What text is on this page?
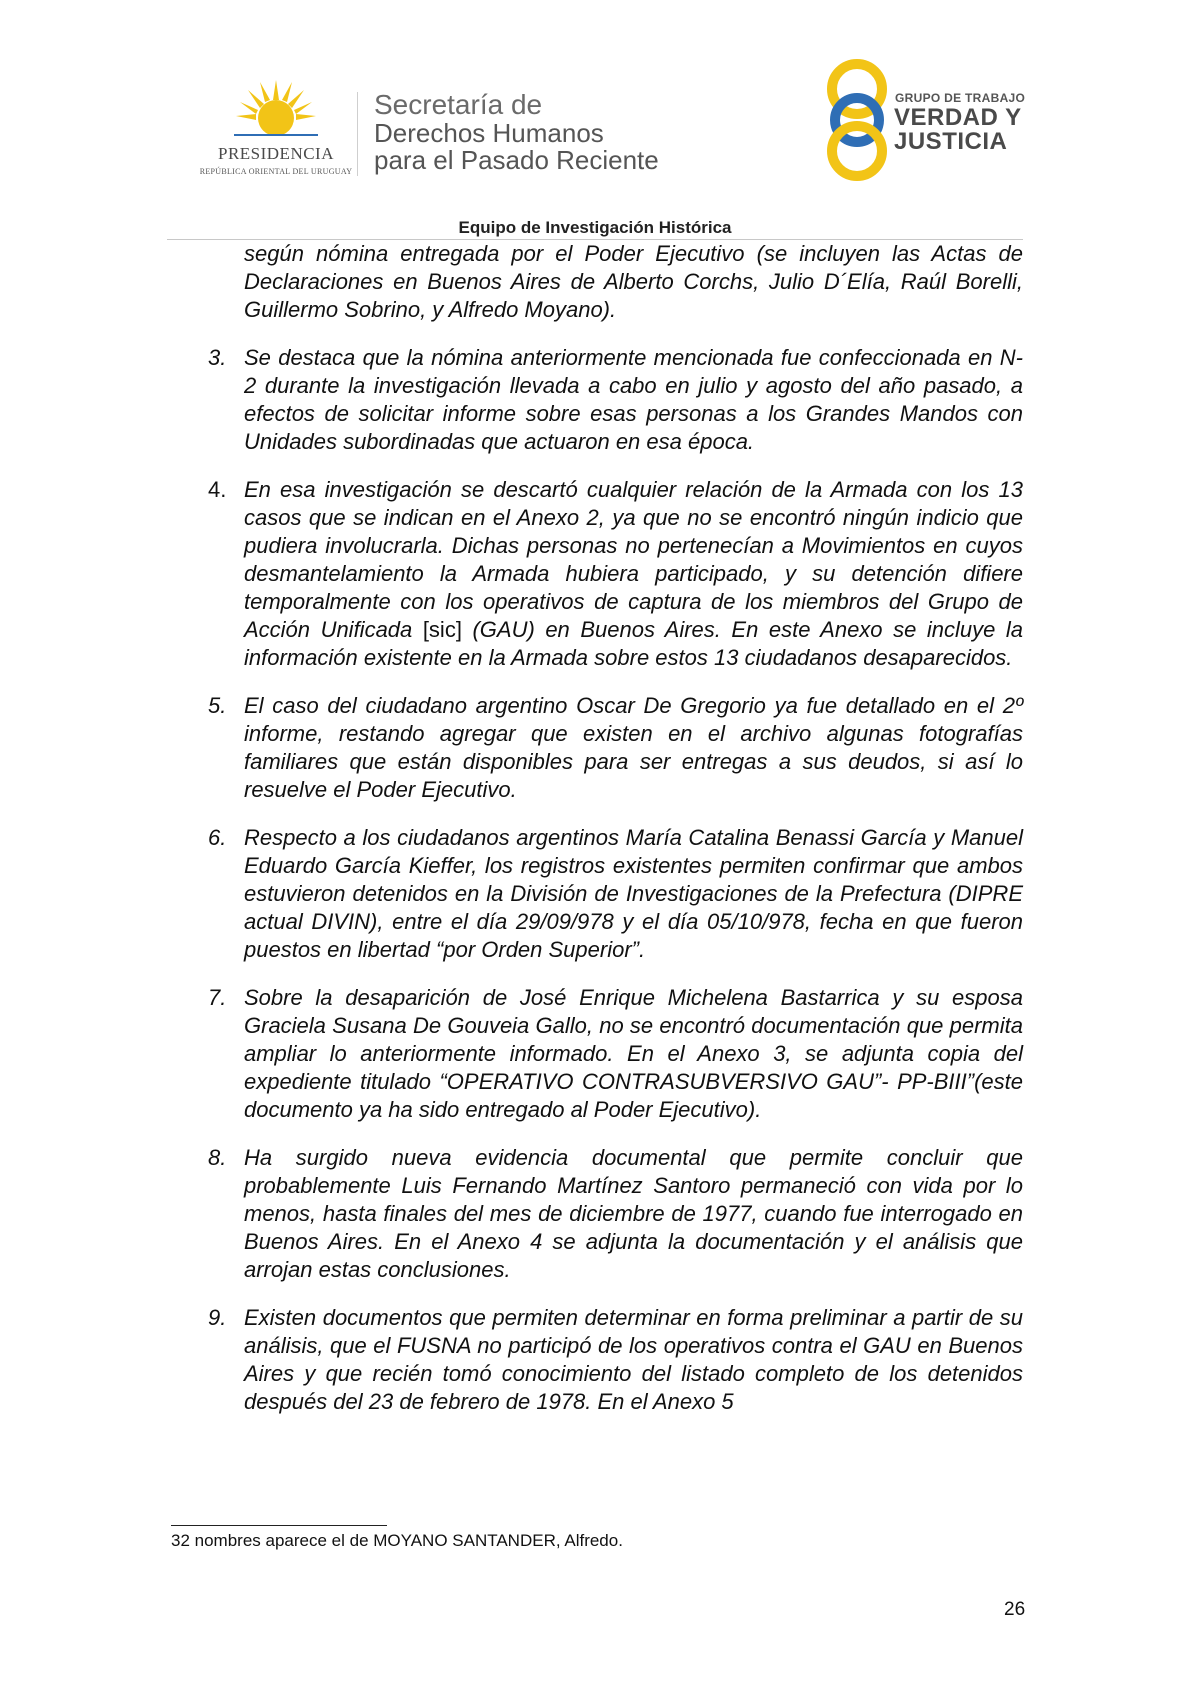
PRESIDENCIA
REPÚBLICA ORIENTAL DEL URUGUAY
Secretaría de
Derechos Humanos
para el Pasado Reciente
GRUPO DE TRABAJO
VERDAD Y
JUSTICIA
Equipo de Investigación Histórica
según nómina entregada por el Poder Ejecutivo (se incluyen las Actas de Declaraciones en Buenos Aires de Alberto Corchs, Julio D´Elía, Raúl Borelli, Guillermo Sobrino, y Alfredo Moyano).
3. Se destaca que la nómina anteriormente mencionada fue confeccionada en N-2 durante la investigación llevada a cabo en julio y agosto del año pasado, a efectos de solicitar informe sobre esas personas a los Grandes Mandos con Unidades subordinadas que actuaron en esa época.
4. En esa investigación se descartó cualquier relación de la Armada con los 13 casos que se indican en el Anexo 2, ya que no se encontró ningún indicio que pudiera involucrarla. Dichas personas no pertenecían a Movimientos en cuyos desmantelamiento la Armada hubiera participado, y su detención difiere temporalmente con los operativos de captura de los miembros del Grupo de Acción Unificada [sic] (GAU) en Buenos Aires. En este Anexo se incluye la información existente en la Armada sobre estos 13 ciudadanos desaparecidos.
5. El caso del ciudadano argentino Oscar De Gregorio ya fue detallado en el 2º informe, restando agregar que existen en el archivo algunas fotografías familiares que están disponibles para ser entregas a sus deudos, si así lo resuelve el Poder Ejecutivo.
6. Respecto a los ciudadanos argentinos María Catalina Benassi García y Manuel Eduardo García Kieffer, los registros existentes permiten confirmar que ambos estuvieron detenidos en la División de Investigaciones de la Prefectura (DIPRE actual DIVIN), entre el día 29/09/978 y el día 05/10/978, fecha en que fueron puestos en libertad “por Orden Superior”.
7. Sobre la desaparición de José Enrique Michelena Bastarrica y su esposa Graciela Susana De Gouveia Gallo, no se encontró documentación que permita ampliar lo anteriormente informado. En el Anexo 3, se adjunta copia del expediente titulado “OPERATIVO CONTRASUBVERSIVO GAU”- PP-BIII”(este documento ya ha sido entregado al Poder Ejecutivo).
8. Ha surgido nueva evidencia documental que permite concluir que probablemente Luis Fernando Martínez Santoro permaneció con vida por lo menos, hasta finales del mes de diciembre de 1977, cuando fue interrogado en Buenos Aires. En el Anexo 4 se adjunta la documentación y el análisis que arrojan estas conclusiones.
9. Existen documentos que permiten determinar en forma preliminar a partir de su análisis, que el FUSNA no participó de los operativos contra el GAU en Buenos Aires y que recién tomó conocimiento del listado completo de los detenidos después del 23 de febrero de 1978. En el Anexo 5
32 nombres aparece el de MOYANO SANTANDER, Alfredo.
26
